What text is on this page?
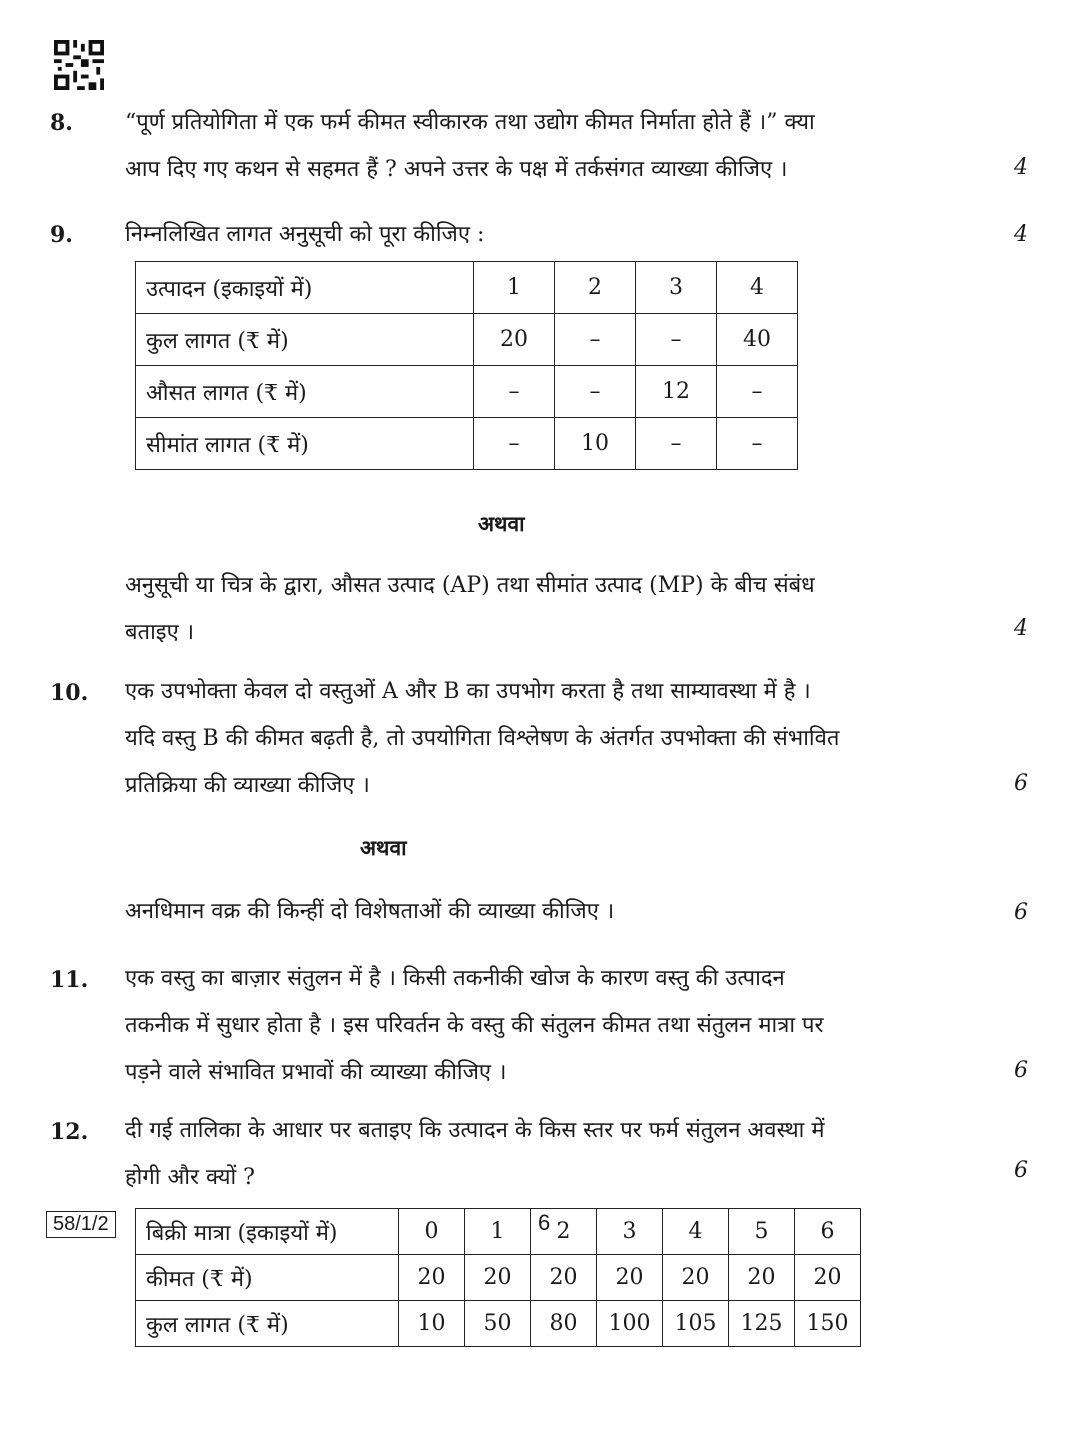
8. “पूर्ण प्रतियोगिता में एक फर्म कीमत स्वीकारक तथा उद्योग कीमत निर्माता होते हैं ।” क्या
आप दिए गए कथन से सहमत हैं ? अपने उत्तर के पक्ष में तर्कसंगत व्याख्या कीजिए ।	4
9. निम्नलिखित लागत अनुसूची को पूरा कीजिए :	4
उत्पादन (इकाइयों में)	1	2	3	4
कुल लागत (₹ में)	20	–	–	40
औसत लागत (₹ में)	–	–	12	–
सीमांत लागत (₹ में)	–	10	–	–
अथवा
अनुसूची या चित्र के द्वारा, औसत उत्पाद (AP) तथा सीमांत उत्पाद (MP) के बीच संबंध
बताइए ।	4
10. एक उपभोक्ता केवल दो वस्तुओं A और B का उपभोग करता है तथा साम्यावस्था में है ।
यदि वस्तु B की कीमत बढ़ती है, तो उपयोगिता विश्लेषण के अंतर्गत उपभोक्ता की संभावित
प्रतिक्रिया की व्याख्या कीजिए ।	6
अथवा
अनधिमान वक्र की किन्हीं दो विशेषताओं की व्याख्या कीजिए ।	6
11. एक वस्तु का बाज़ार संतुलन में है । किसी तकनीकी खोज के कारण वस्तु की उत्पादन
तकनीक में सुधार होता है । इस परिवर्तन के वस्तु की संतुलन कीमत तथा संतुलन मात्रा पर
पड़ने वाले संभावित प्रभावों की व्याख्या कीजिए ।	6
12. दी गई तालिका के आधार पर बताइए कि उत्पादन के किस स्तर पर फर्म संतुलन अवस्था में
होगी और क्यों ?	6
बिक्री मात्रा (इकाइयों में)	0	1	2	3	4	5	6
कीमत (₹ में)	20	20	20	20	20	20	20
कुल लागत (₹ में)	10	50	80	100	105	125	150
58/1/2	6
